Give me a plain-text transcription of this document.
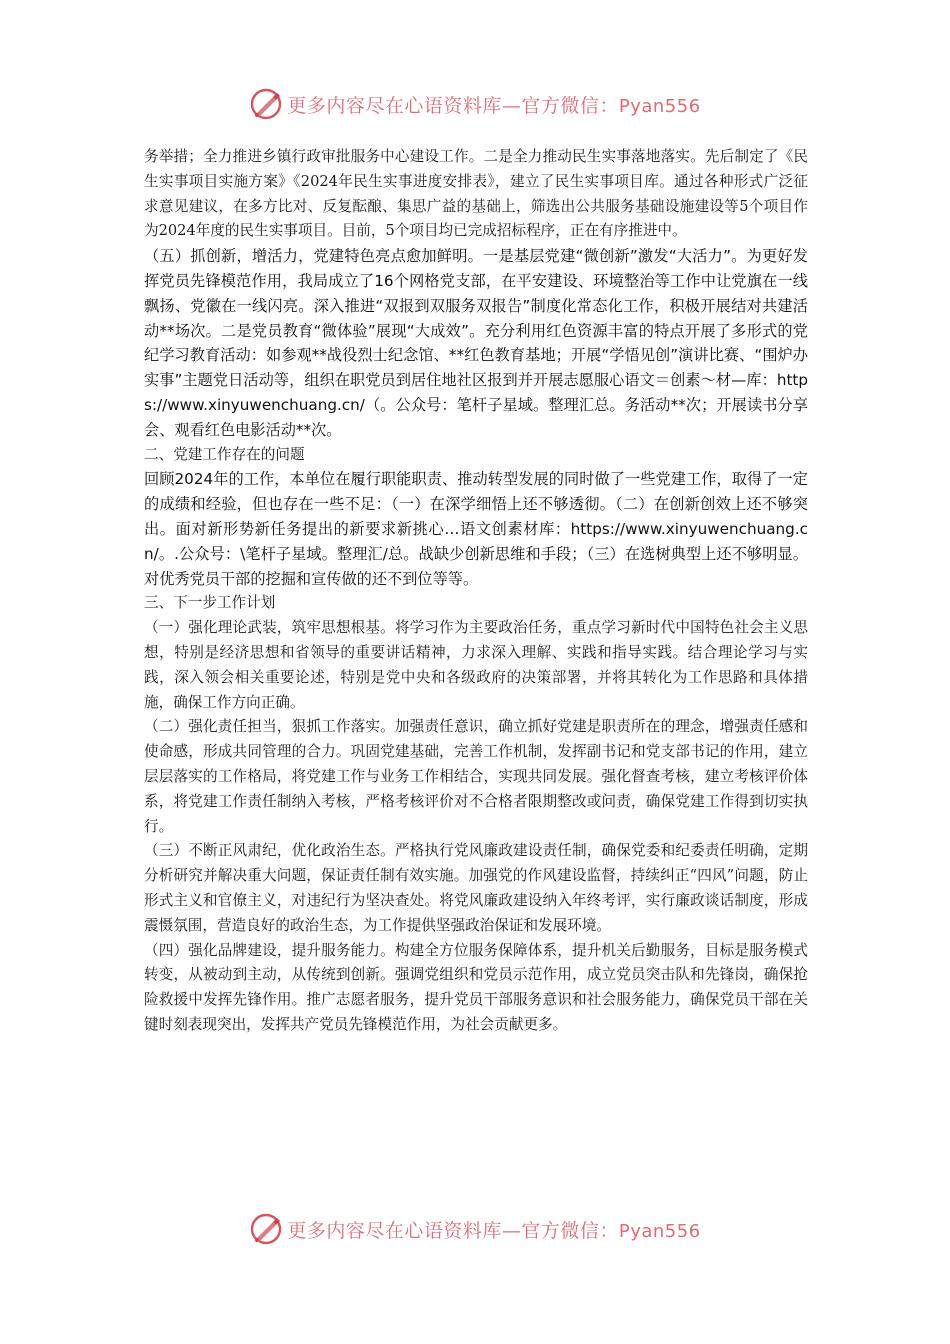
更多内容尽在心语资料库—官方微信：Pyan556

务举措；全力推进乡镇行政审批服务中心建设工作。二是全力推动民生实事落地落实。先后制定了《民生实事项目实施方案》《2024年民生实事进度安排表》，建立了民生实事项目库。通过各种形式广泛征求意见建议，在多方比对、反复酝酿、集思广益的基础上，筛选出公共服务基础设施建设等5个项目作为2024年度的民生实事项目。目前，5个项目均已完成招标程序，正在有序推进中。

（五）抓创新，增活力，党建特色亮点愈加鲜明。一是基层党建“微创新”激发“大活力”。为更好发挥党员先锋模范作用，我局成立了16个网格党支部，在平安建设、环境整治等工作中让党旗在一线飘扬、党徽在一线闪亮。深入推进“双报到双服务双报告”制度化常态化工作，积极开展结对共建活动**场次。二是党员教育“微体验”展现“大成效”。充分利用红色资源丰富的特点开展了多形式的党纪学习教育活动：如参观**战役烈士纪念馆、**红色教育基地；开展“学悟见创”演讲比赛、“围炉办实事”主题党日活动等，组织在职党员到居住地社区报到并开展志愿服心语文＝创素～材—库：https://www.xinyuwenchuang.cn/（。公众号：笔杆子星域。整理汇总。务活动**次；开展读书分享会、观看红色电影活动**次。

二、党建工作存在的问题

回顾2024年的工作，本单位在履行职能职责、推动转型发展的同时做了一些党建工作，取得了一定的成绩和经验，但也存在一些不足：（一）在深学细悟上还不够透彻。（二）在创新创效上还不够突出。面对新形势新任务提出的新要求新挑心…语文创素材库：https://www.xinyuwenchuang.cn/。.公众号：\笔杆子星域。整理汇/总。战缺少创新思维和手段；（三）在选树典型上还不够明显。对优秀党员干部的挖掘和宣传做的还不到位等等。

三、下一步工作计划

（一）强化理论武装，筑牢思想根基。将学习作为主要政治任务，重点学习新时代中国特色社会主义思想，特别是经济思想和省领导的重要讲话精神，力求深入理解、实践和指导实践。结合理论学习与实践，深入领会相关重要论述，特别是党中央和各级政府的决策部署，并将其转化为工作思路和具体措施，确保工作方向正确。

（二）强化责任担当，狠抓工作落实。加强责任意识，确立抓好党建是职责所在的理念，增强责任感和使命感，形成共同管理的合力。巩固党建基础，完善工作机制，发挥副书记和党支部书记的作用，建立层层落实的工作格局，将党建工作与业务工作相结合，实现共同发展。强化督查考核，建立考核评价体系，将党建工作责任制纳入考核，严格考核评价对不合格者限期整改或问责，确保党建工作得到切实执行。

（三）不断正风肃纪，优化政治生态。严格执行党风廉政建设责任制，确保党委和纪委责任明确，定期分析研究并解决重大问题，保证责任制有效实施。加强党的作风建设监督，持续纠正“四风”问题，防止形式主义和官僚主义，对违纪行为坚决查处。将党风廉政建设纳入年终考评，实行廉政谈话制度，形成震慑氛围，营造良好的政治生态，为工作提供坚强政治保证和发展环境。

（四）强化品牌建设，提升服务能力。构建全方位服务保障体系，提升机关后勤服务，目标是服务模式转变，从被动到主动，从传统到创新。强调党组织和党员示范作用，成立党员突击队和先锋岗，确保抢险救援中发挥先锋作用。推广志愿者服务，提升党员干部服务意识和社会服务能力，确保党员干部在关键时刻表现突出，发挥共产党员先锋模范作用，为社会贡献更多。

更多内容尽在心语资料库—官方微信：Pyan556
